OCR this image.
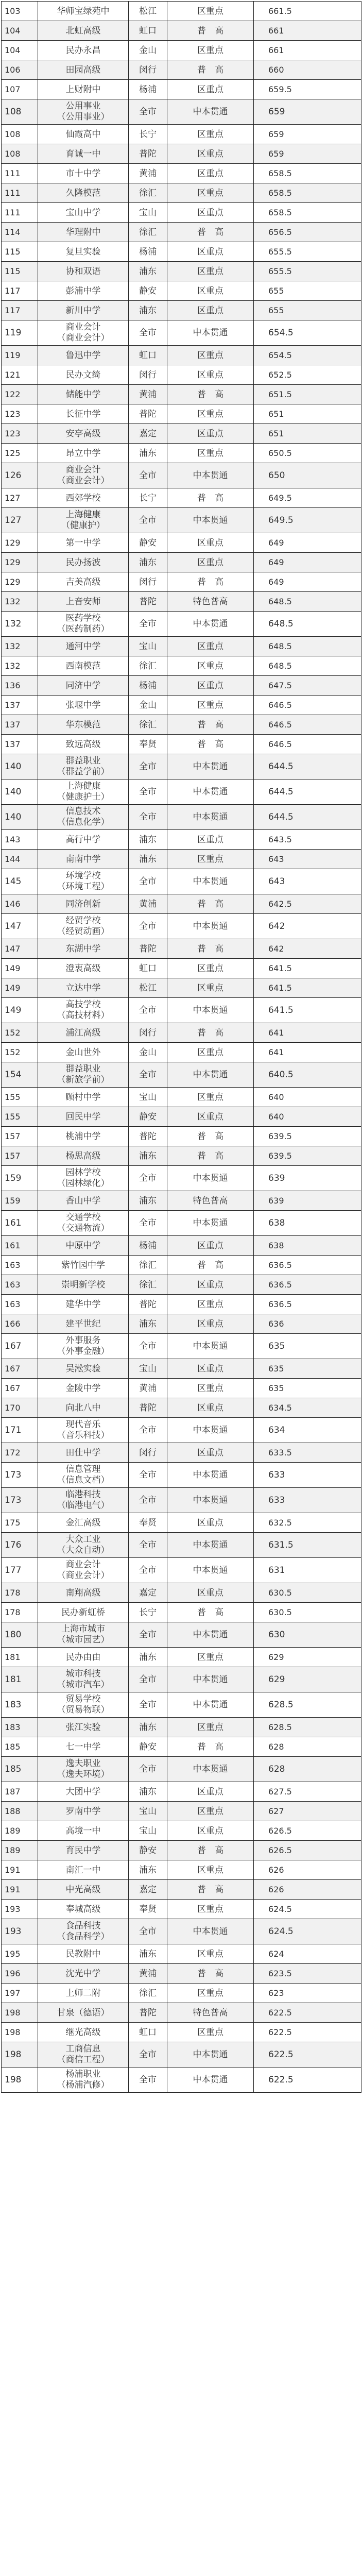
103	华师宝绿苑中	松江	区重点	661.5
104	北虹高级	虹口	普　高	661
104	民办永昌	金山	区重点	661
106	田园高级	闵行	普　高	660
107	上财附中	杨浦	区重点	659.5
108	公用事业
（公用事业）	全市	中本贯通	659
108	仙霞高中	长宁	区重点	659
108	育诚一中	普陀	区重点	659
111	市十中学	黄浦	区重点	658.5
111	久隆模范	徐汇	区重点	658.5
111	宝山中学	宝山	区重点	658.5
114	华理附中	徐汇	普　高	656.5
115	复旦实验	杨浦	区重点	655.5
115	协和双语	浦东	区重点	655.5
117	彭浦中学	静安	区重点	655
117	新川中学	浦东	区重点	655
119	商业会计
（商业会计）	全市	中本贯通	654.5
119	鲁迅中学	虹口	区重点	654.5
121	民办文绮	闵行	区重点	652.5
122	储能中学	黄浦	普　高	651.5
123	长征中学	普陀	区重点	651
123	安亭高级	嘉定	区重点	651
125	昂立中学	浦东	区重点	650.5
126	商业会计
（商业会计）	全市	中本贯通	650
127	西郊学校	长宁	普　高	649.5
127	上海健康
（健康护）	全市	中本贯通	649.5
129	第一中学	静安	区重点	649
129	民办扬波	浦东	区重点	649
129	吉美高级	闵行	普　高	649
132	上音安师	普陀	特色普高	648.5
132	医药学校
（医药制药）	全市	中本贯通	648.5
132	通河中学	宝山	区重点	648.5
132	西南模范	徐汇	区重点	648.5
136	同济中学	杨浦	区重点	647.5
137	张堰中学	金山	区重点	646.5
137	华东模范	徐汇	普　高	646.5
137	致远高级	奉贤	普　高	646.5
140	群益职业
（群益学前）	全市	中本贯通	644.5
140	上海健康
（健康护士）	全市	中本贯通	644.5
140	信息技术
（信息化学）	全市	中本贯通	644.5
143	高行中学	浦东	区重点	643.5
144	南南中学	浦东	区重点	643
145	环境学校
（环境工程）	全市	中本贯通	643
146	同济创新	黄浦	普　高	642.5
147	经贸学校
（经贸动画）	全市	中本贯通	642
147	东湖中学	普陀	普　高	642
149	澄衷高级	虹口	区重点	641.5
149	立达中学	松江	区重点	641.5
149	高技学校
（高技材料）	全市	中本贯通	641.5
152	浦江高级	闵行	普　高	641
152	金山世外	金山	区重点	641
154	群益职业
（新旅学前）	全市	中本贯通	640.5
155	顾村中学	宝山	区重点	640
155	回民中学	静安	区重点	640
157	桃浦中学	普陀	普　高	639.5
157	杨思高级	浦东	普　高	639.5
159	园林学校
（园林绿化）	全市	中本贯通	639
159	香山中学	浦东	特色普高	639
161	交通学校
（交通物流）	全市	中本贯通	638
161	中原中学	杨浦	区重点	638
163	紫竹园中学	徐汇	普　高	636.5
163	崇明新学校	徐汇	区重点	636.5
163	建华中学	普陀	区重点	636.5
166	建平世纪	浦东	区重点	636
167	外事服务
（外事金融）	全市	中本贯通	635
167	吴淞实验	宝山	区重点	635
167	金陵中学	黄浦	区重点	635
170	向北八中	普陀	区重点	634.5
171	现代音乐
（音乐科技）	全市	中本贯通	634
172	田仕中学	闵行	区重点	633.5
173	信息管理
（信息文档）	全市	中本贯通	633
173	临港科技
（临港电气）	全市	中本贯通	633
175	金汇高级	奉贤	区重点	632.5
176	大众工业
（大众自动）	全市	中本贯通	631.5
177	商业会计
（商业会计）	全市	中本贯通	631
178	南翔高级	嘉定	区重点	630.5
178	民办新虹桥	长宁	普　高	630.5
180	上海市城市
（城市园艺）	全市	中本贯通	630
181	民办由由	浦东	区重点	629
181	城市科技
（城市汽车）	全市	中本贯通	629
183	贸易学校
（贸易物联）	全市	中本贯通	628.5
183	张江实验	浦东	区重点	628.5
185	七一中学	静安	普　高	628
185	逸夫职业
（逸夫环境）	全市	中本贯通	628
187	大团中学	浦东	区重点	627.5
188	罗南中学	宝山	区重点	627
189	高境一中	宝山	区重点	626.5
189	育民中学	静安	普　高	626.5
191	南汇一中	浦东	区重点	626
191	中光高级	嘉定	普　高	626
193	奉城高级	奉贤	区重点	624.5
193	食品科技
（食品科学）	全市	中本贯通	624.5
195	民教附中	浦东	区重点	624
196	沈光中学	黄浦	普　高	623.5
197	上师二附	徐汇	区重点	623
198	甘泉（德语）	普陀	特色普高	622.5
198	继光高级	虹口	区重点	622.5
198	工商信息
（商信工程）	全市	中本贯通	622.5
198	杨浦职业
（杨浦汽修）	全市	中本贯通	622.5
